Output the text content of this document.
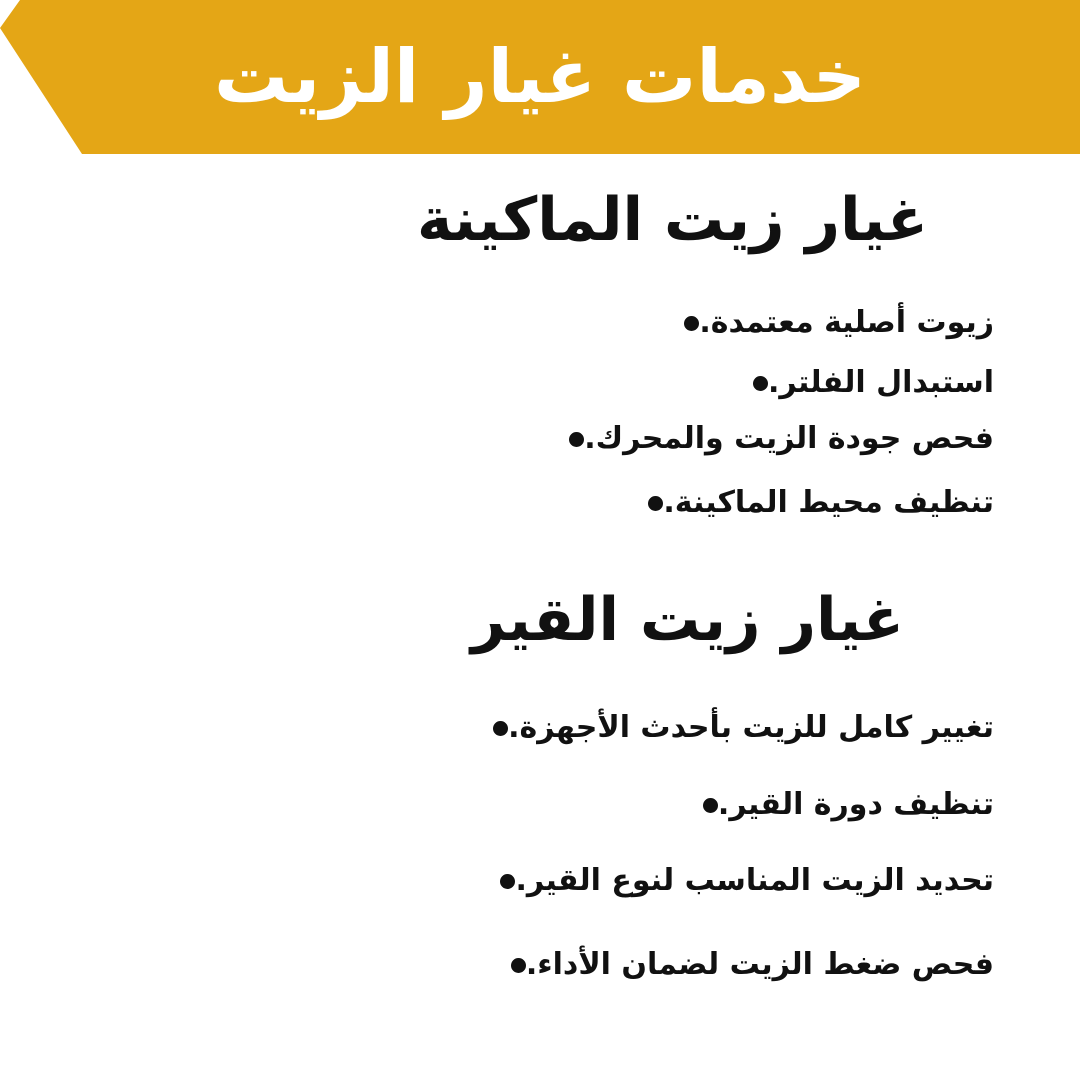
خدمات غيار الزيت
غيار زيت الماكينة
زيوت أصلية معتمدة.
استبدال الفلتر.
فحص جودة الزيت والمحرك.
تنظيف محيط الماكينة.
غيار زيت القير
تغيير كامل للزيت بأحدث الأجهزة.
تنظيف دورة القير.
تحديد الزيت المناسب لنوع القير.
فحص ضغط الزيت لضمان الأداء.
